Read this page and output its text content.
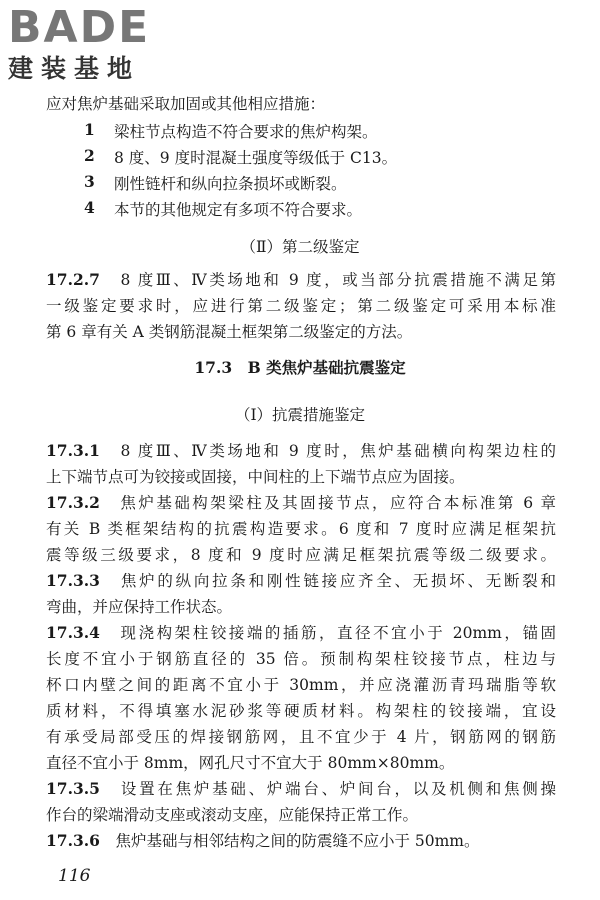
BADE
建装基地
应对焦炉基础采取加固或其他相应措施：
1 梁柱节点构造不符合要求的焦炉构架。
2 8 度、9 度时混凝土强度等级低于 C13。
3 刚性链杆和纵向拉条损坏或断裂。
4 本节的其他规定有多项不符合要求。
（Ⅱ）第二级鉴定
17.2.7　 8 度Ⅲ、Ⅳ类场地和 9 度，或当部分抗震措施不满足第
一级鉴定要求时，应进行第二级鉴定；第二级鉴定可采用本标准
第 6 章有关 A 类钢筋混凝土框架第二级鉴定的方法。
17.3　B 类焦炉基础抗震鉴定
（Ⅰ）抗震措施鉴定
17.3.1　 8 度Ⅲ、Ⅳ类场地和 9 度时，焦炉基础横向构架边柱的
上下端节点可为铰接或固接，中间柱的上下端节点应为固接。
17.3.2　 焦炉基础构架梁柱及其固接节点，应符合本标准第 6 章
有关 B 类框架结构的抗震构造要求。6 度和 7 度时应满足框架抗
震等级三级要求，8 度和 9 度时应满足框架抗震等级二级要求。
17.3.3　 焦炉的纵向拉条和刚性链接应齐全、无损坏、无断裂和
弯曲，并应保持工作状态。
17.3.4　 现浇构架柱铰接端的插筋，直径不宜小于 20mm，锚固
长度不宜小于钢筋直径的 35 倍。预制构架柱铰接节点，柱边与
杯口内壁之间的距离不宜小于 30mm，并应浇灌沥青玛瑞脂等软
质材料，不得填塞水泥砂浆等硬质材料。构架柱的铰接端，宜设
有承受局部受压的焊接钢筋网，且不宜少于 4 片，钢筋网的钢筋
直径不宜小于 8mm，网孔尺寸不宜大于 80mm×80mm。
17.3.5　 设置在焦炉基础、炉端台、炉间台，以及机侧和焦侧操
作台的梁端滑动支座或滚动支座，应能保持正常工作。
17.3.6　 焦炉基础与相邻结构之间的防震缝不应小于 50mm。
116
